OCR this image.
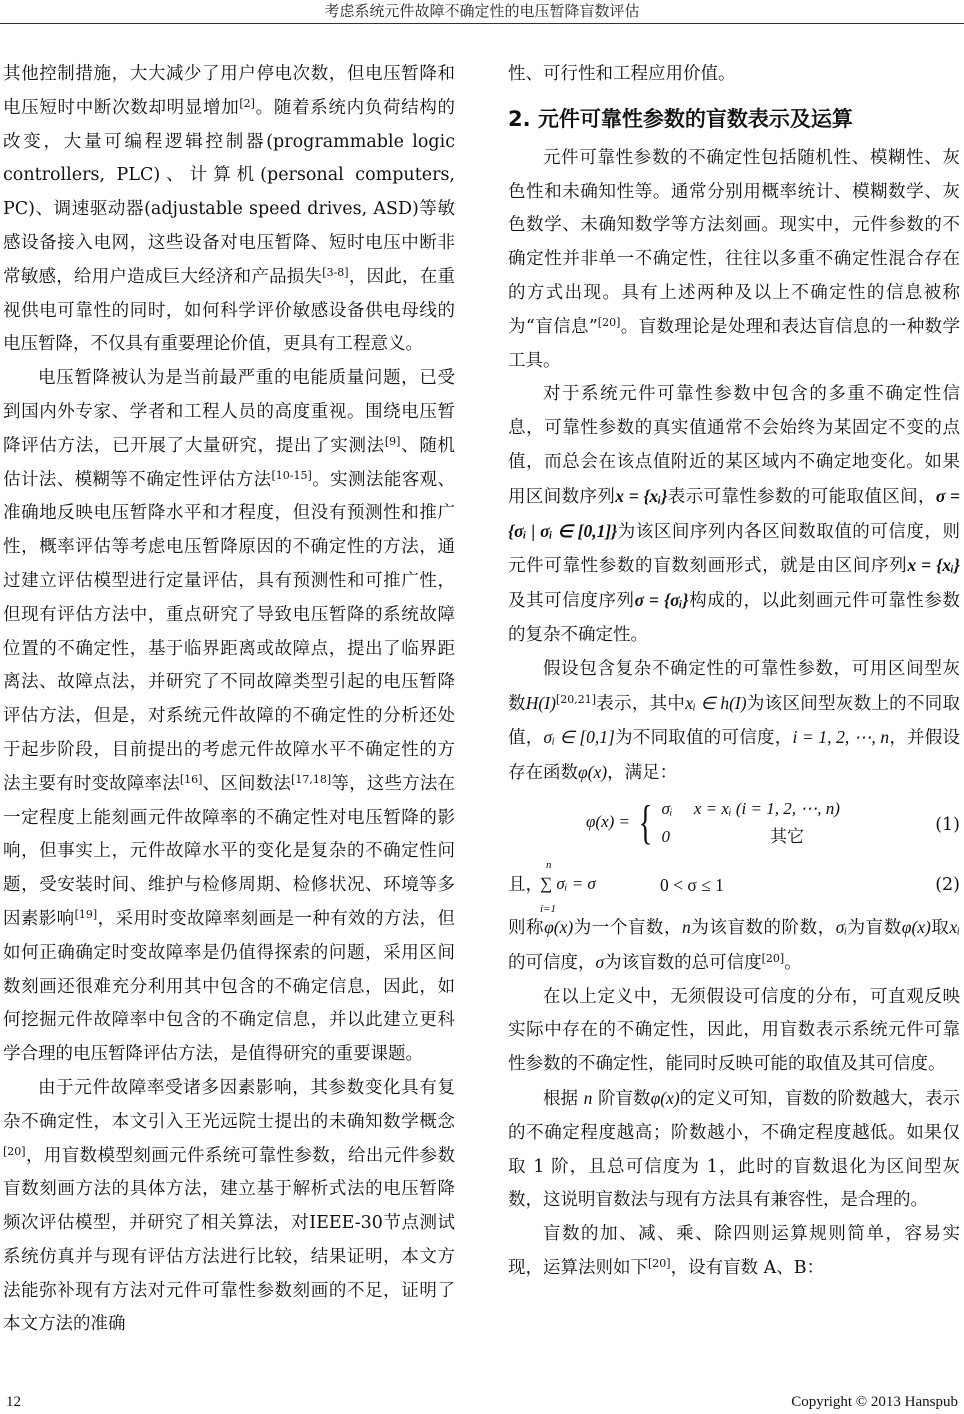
考虑系统元件故障不确定性的电压暂降盲数评估

其他控制措施，大大减少了用户停电次数，但电压暂降和电压短时中断次数却明显增加[2]。随着系统内负荷结构的改变，大量可编程逻辑控制器(programmable logic controllers, PLC)、计算机(personal computers, PC)、调速驱动器(adjustable speed drives, ASD)等敏感设备接入电网，这些设备对电压暂降、短时电压中断非常敏感，给用户造成巨大经济和产品损失[3-8]，因此，在重视供电可靠性的同时，如何科学评价敏感设备供电母线的电压暂降，不仅具有重要理论价值，更具有工程意义。

电压暂降被认为是当前最严重的电能质量问题，已受到国内外专家、学者和工程人员的高度重视。围绕电压暂降评估方法，已开展了大量研究，提出了实测法[9]、随机估计法、模糊等不确定性评估方法[10-15]。实测法能客观、准确地反映电压暂降水平和才程度，但没有预测性和推广性，概率评估等考虑电压暂降原因的不确定性的方法，通过建立评估模型进行定量评估，具有预测性和可推广性，但现有评估方法中，重点研究了导致电压暂降的系统故障位置的不确定性，基于临界距离或故障点，提出了临界距离法、故障点法，并研究了不同故障类型引起的电压暂降评估方法，但是，对系统元件故障的不确定性的分析还处于起步阶段，目前提出的考虑元件故障水平不确定性的方法主要有时变故障率法[16]、区间数法[17,18]等，这些方法在一定程度上能刻画元件故障率的不确定性对电压暂降的影响，但事实上，元件故障水平的变化是复杂的不确定性问题，受安装时间、维护与检修周期、检修状况、环境等多因素影响[19]，采用时变故障率刻画是一种有效的方法，但如何正确确定时变故障率是仍值得探索的问题，采用区间数刻画还很难充分利用其中包含的不确定信息，因此，如何挖掘元件故障率中包含的不确定信息，并以此建立更科学合理的电压暂降评估方法，是值得研究的重要课题。

由于元件故障率受诸多因素影响，其参数变化具有复杂不确定性，本文引入王光远院士提出的未确知数学概念[20]，用盲数模型刻画元件系统可靠性参数，给出元件参数盲数刻画方法的具体方法，建立基于解析式法的电压暂降频次评估模型，并研究了相关算法，对IEEE-30节点测试系统仿真并与现有评估方法进行比较，结果证明，本文方法能弥补现有方法对元件可靠性参数刻画的不足，证明了本文方法的准确

性、可行性和工程应用价值。

2. 元件可靠性参数的盲数表示及运算

元件可靠性参数的不确定性包括随机性、模糊性、灰色性和未确知性等。通常分别用概率统计、模糊数学、灰色数学、未确知数学等方法刻画。现实中，元件参数的不确定性并非单一不确定性，往往以多重不确定性混合存在的方式出现。具有上述两种及以上不确定性的信息被称为“盲信息”[20]。盲数理论是处理和表达盲信息的一种数学工具。

对于系统元件可靠性参数中包含的多重不确定性信息，可靠性参数的真实值通常不会始终为某固定不变的点值，而总会在该点值附近的某区域内不确定地变化。如果用区间数序列x = {xᵢ}表示可靠性参数的可能取值区间，σ = {σᵢ | σᵢ ∈ [0,1]}为该区间序列内各区间数取值的可信度，则元件可靠性参数的盲数刻画形式，就是由区间序列x = {xᵢ}及其可信度序列σ = {σᵢ}构成的，以此刻画元件可靠性参数的复杂不确定性。

假设包含复杂不确定性的可靠性参数，可用区间型灰数H(I)[20,21]表示，其中xᵢ ∈ h(I)为该区间型灰数上的不同取值，σᵢ ∈ [0,1]为不同取值的可信度，i = 1, 2, ⋯, n，并假设存在函数φ(x)，满足：

φ(x) = { σᵢ     x = xᵢ (i = 1, 2, ⋯, n)
0	其它
(1)
且，
n
∑ σᵢ = σ
i=1
0 < σ ≤ 1	(2)

则称φ(x)为一个盲数，n为该盲数的阶数，σᵢ为盲数φ(x)取xᵢ的可信度，σ为该盲数的总可信度[20]。

在以上定义中，无须假设可信度的分布，可直观反映实际中存在的不确定性，因此，用盲数表示系统元件可靠性参数的不确定性，能同时反映可能的取值及其可信度。

根据 n 阶盲数φ(x)的定义可知，盲数的阶数越大，表示的不确定程度越高；阶数越小，不确定程度越低。如果仅取 1 阶，且总可信度为 1，此时的盲数退化为区间型灰数，这说明盲数法与现有方法具有兼容性，是合理的。

盲数的加、减、乘、除四则运算规则简单，容易实现，运算法则如下[20]，设有盲数 A、B：

12	Copyright © 2013 Hanspub
